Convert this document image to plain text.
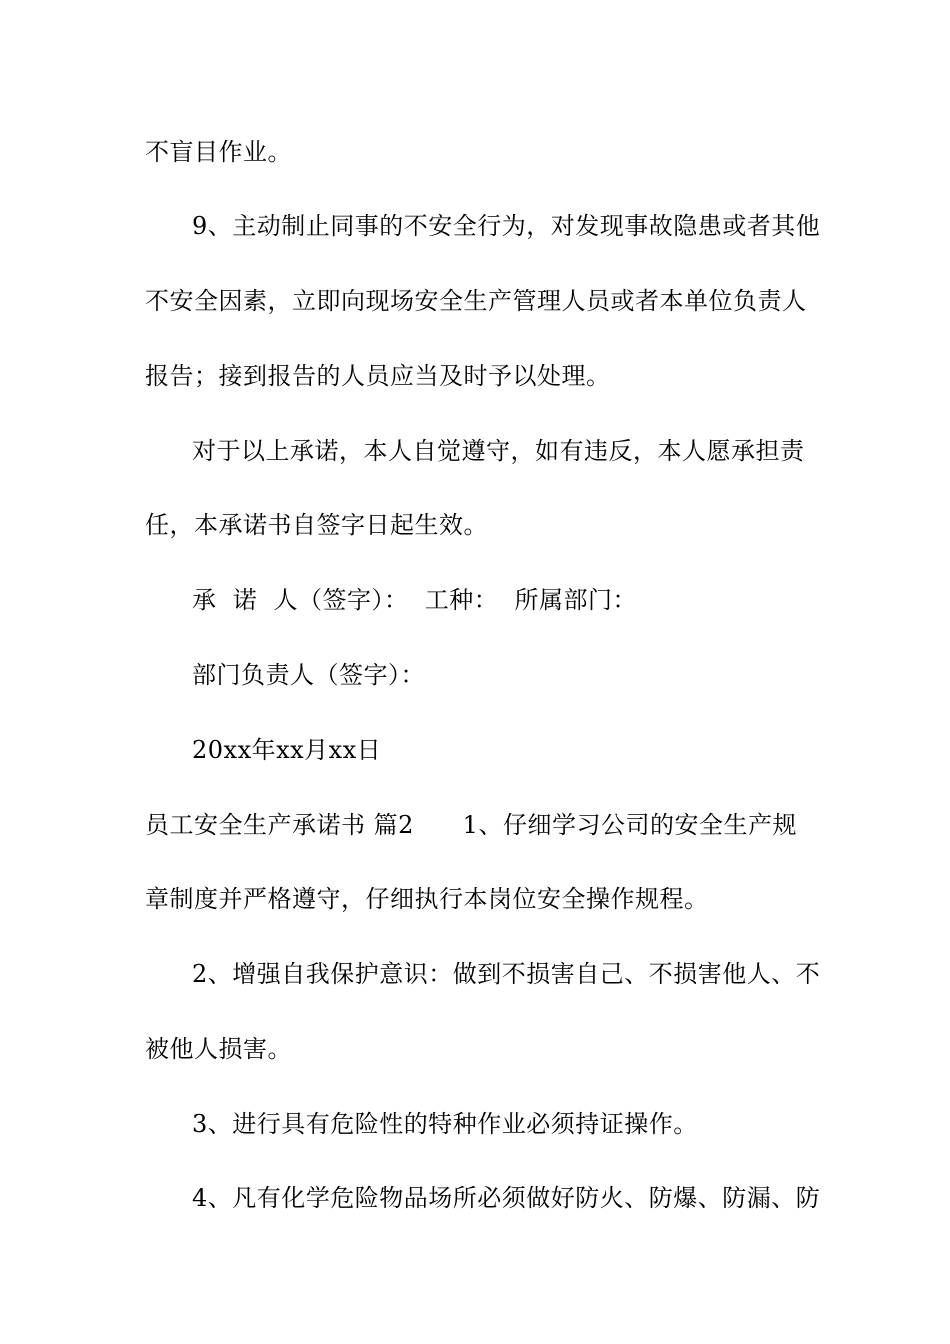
不盲目作业。
9、主动制止同事的不安全行为，对发现事故隐患或者其他
不安全因素，立即向现场安全生产管理人员或者本单位负责人
报告；接到报告的人员应当及时予以处理。
对于以上承诺，本人自觉遵守，如有违反，本人愿承担责
任，本承诺书自签字日起生效。
承  诺  人（签字）：  工种：  所属部门：
部门负责人（签字）：
20xx年xx月xx日
员工安全生产承诺书 篇2      1、仔细学习公司的安全生产规
章制度并严格遵守，仔细执行本岗位安全操作规程。
2、增强自我保护意识：做到不损害自己、不损害他人、不
被他人损害。
3、进行具有危险性的特种作业必须持证操作。
4、凡有化学危险物品场所必须做好防火、防爆、防漏、防
